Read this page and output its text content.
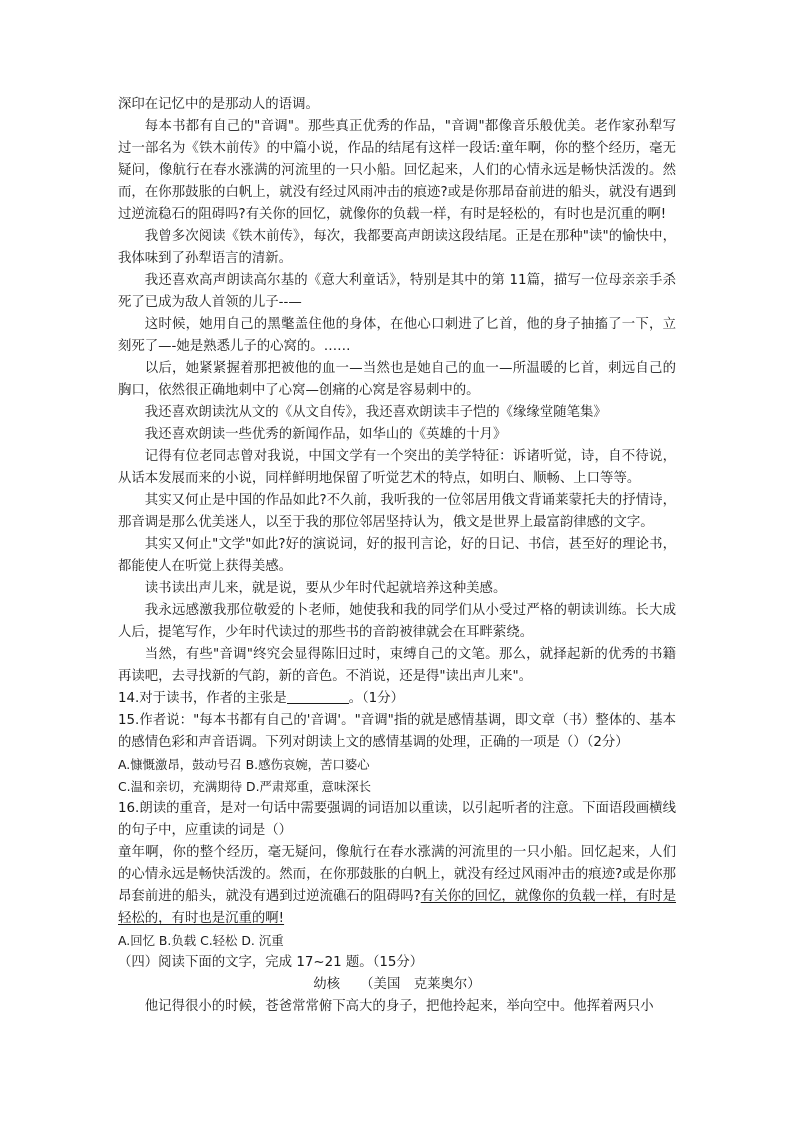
深印在记忆中的是那动人的语调。

每本书都有自己的"音调"。那些真正优秀的作品，"音调"都像音乐般优美。老作家孙犁写过一部名为《铁木前传》的中篇小说，作品的结尾有这样一段话:童年啊，你的整个经历，毫无疑问，像航行在春水涨满的河流里的一只小船。回忆起来，人们的心情永远是畅快活泼的。然而，在你那鼓胀的白帆上，就没有经过风雨冲击的痕迹?或是你那昂奋前进的船头，就没有遇到过逆流稳石的阻碍吗?有关你的回忆，就像你的负载一样，有时是轻松的，有时也是沉重的啊!

我曾多次阅读《铁木前传》，每次，我都要高声朗读这段结尾。正是在那种"读"的愉快中，我体味到了孙犁语言的清新。

我还喜欢高声朗读高尔基的《意大利童话》，特别是其中的第 11篇，描写一位母亲亲手杀死了已成为敌人首领的儿子--—

这时候，她用自己的黑氅盖住他的身体，在他心口刺进了匕首，他的身子抽搐了一下，立刻死了—-她是熟悉儿子的心窝的。……

以后，她紧紧握着那把被他的血一—当然也是她自己的血一—所温暖的匕首，刺远自己的胸口，依然很正确地刺中了心窝—创痛的心窝是容易刺中的。

我还喜欢朗读沈从文的《从文自传》，我还喜欢朗读丰子恺的《缘缘堂随笔集》

我还喜欢朗读一些优秀的新闻作品，如华山的《英雄的十月》

记得有位老同志曾对我说，中国文学有一个突出的美学特征：诉诸听觉，诗，自不待说，从话本发展而来的小说，同样鲜明地保留了听觉艺术的特点，如明白、顺畅、上口等等。

其实又何止是中国的作品如此?不久前，我听我的一位邻居用俄文背诵莱蒙托夫的抒情诗，那音调是那么优美迷人，以至于我的那位邻居坚持认为，俄文是世界上最富韵律感的文字。

其实又何止"文学"如此?好的演说词，好的报刊言论，好的日记、书信，甚至好的理论书，都能使人在听觉上获得美感。

读书读出声儿来，就是说，要从少年时代起就培养这种美感。

我永远感激我那位敬爱的卜老师，她使我和我的同学们从小受过严格的朝读训练。长大成人后，提笔写作，少年时代读过的那些书的音韵被律就会在耳畔萦绕。

当然，有些"音调"终究会显得陈旧过时，束缚自己的文笔。那么，就择起新的优秀的书籍再读吧，去寻找新的气韵，新的音色。不消说，还是得"读出声儿来"。

14.对于读书，作者的主张是	。（1分）

15.作者说："每本书都有自己的'音调'。"音调"指的就是感情基调，即文章（书）整体的、基本的感情色彩和声音语调。下列对朗读上文的感情基调的处理，正确的一项是（）（2分）

A.慷慨激昂，鼓动号召 B.感伤哀婉，苦口婆心

C.温和亲切，充满期待 D.严肃郑重，意味深长

16.朗读的重音，是对一句话中需要强调的词语加以重读，以引起听者的注意。下面语段画横线的句子中，应重读的词是（）

童年啊，你的整个经历，毫无疑问，像航行在春水涨满的河流里的一只小船。回忆起来，人们的心情永远是畅快活泼的。然而，在你那鼓胀的白帆上，就没有经过风雨冲击的痕迹?或是你那昂套前进的船头，就没有遇到过逆流礁石的阻碍吗?有关你的回忆，就像你的负载一样，有时是轻松的，有时也是沉重的啊!

A.回忆 B.负载 C.轻松 D. 沉重

（四）阅读下面的文字，完成 17~21 题。（15分）

幼核　　（美国　克莱奥尔）

他记得很小的时候，苍爸常常俯下高大的身子，把他拎起来，举向空中。他挥着两只小
